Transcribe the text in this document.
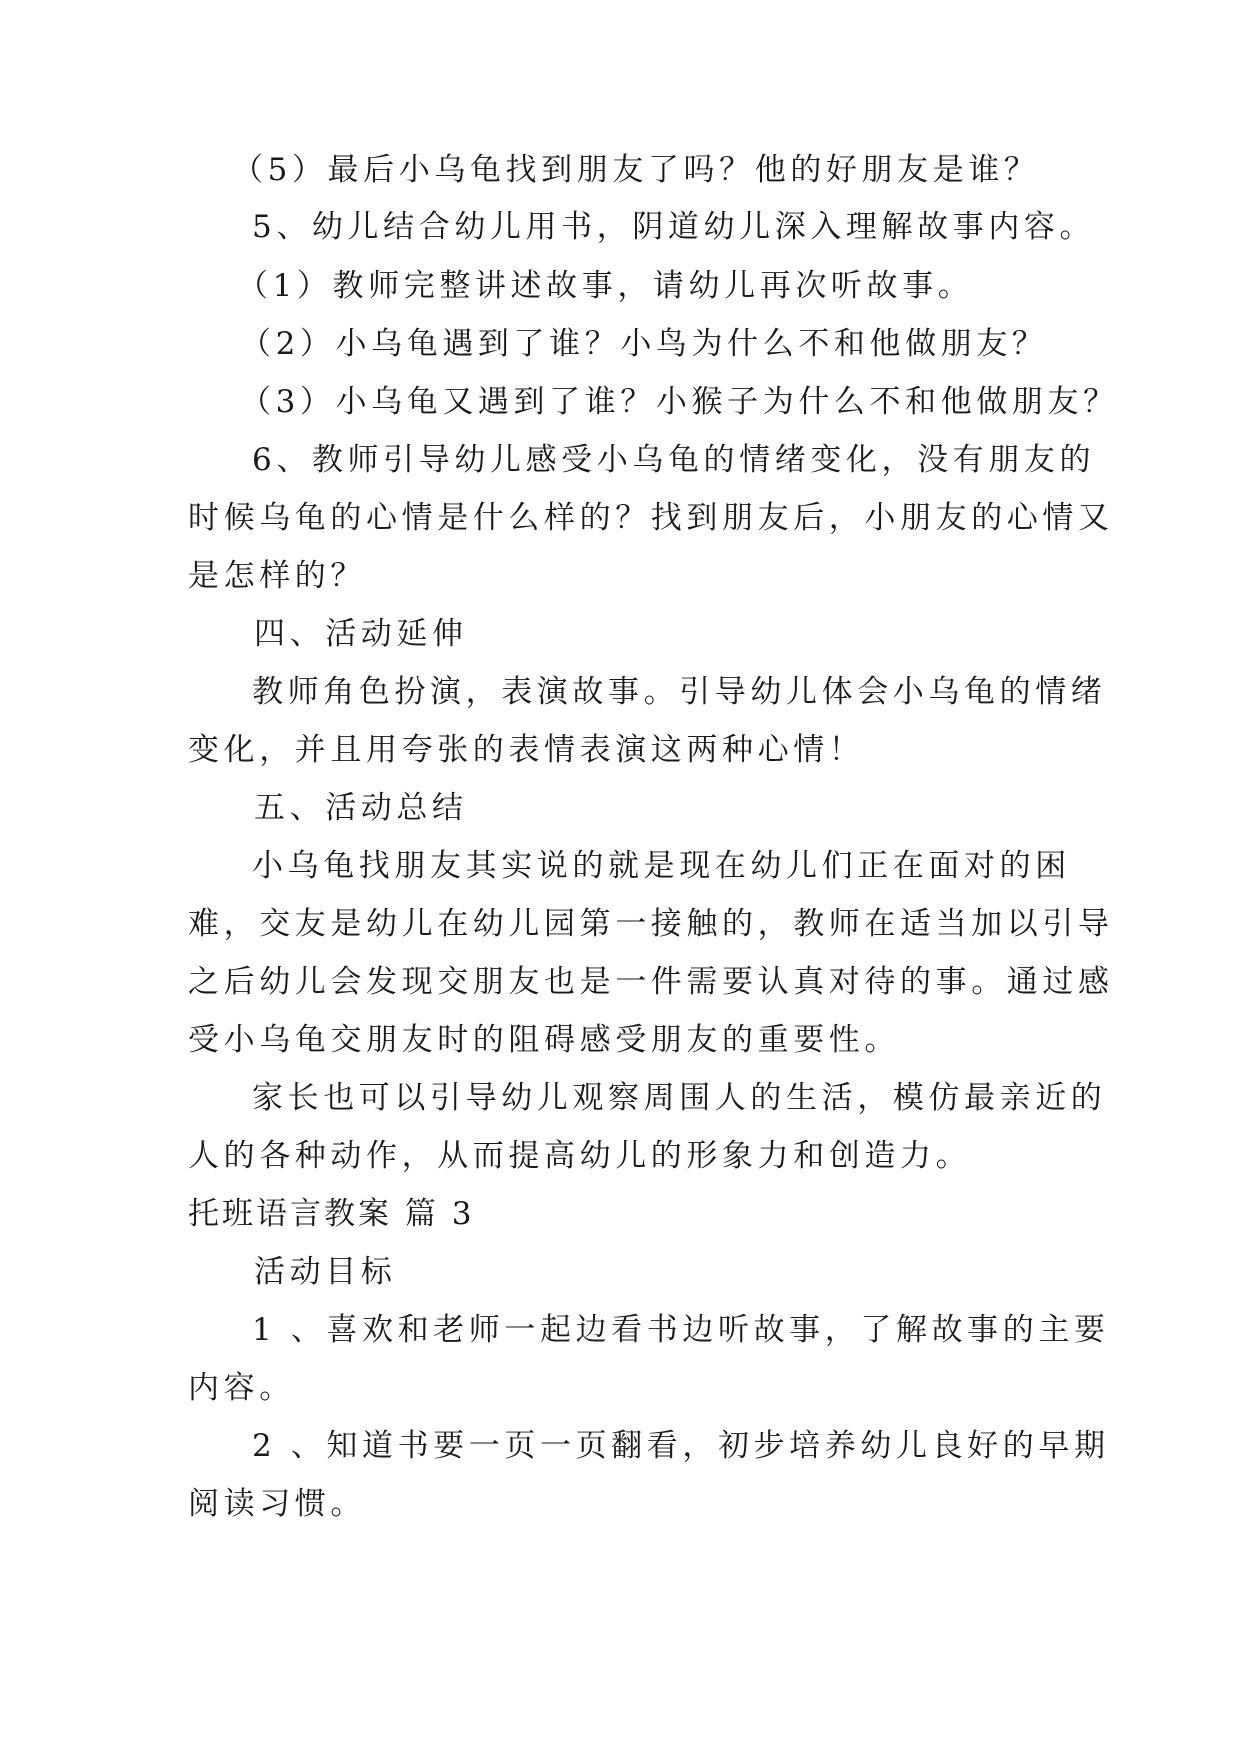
（5）最后小乌龟找到朋友了吗？他的好朋友是谁？
5、幼儿结合幼儿用书，阴道幼儿深入理解故事内容。
（1）教师完整讲述故事，请幼儿再次听故事。
（2）小乌龟遇到了谁？小鸟为什么不和他做朋友？
（3）小乌龟又遇到了谁？小猴子为什么不和他做朋友？
6、教师引导幼儿感受小乌龟的情绪变化，没有朋友的
时候乌龟的心情是什么样的？找到朋友后，小朋友的心情又
是怎样的？
四、活动延伸
教师角色扮演，表演故事。引导幼儿体会小乌龟的情绪
变化，并且用夸张的表情表演这两种心情！
五、活动总结
小乌龟找朋友其实说的就是现在幼儿们正在面对的困
难，交友是幼儿在幼儿园第一接触的，教师在适当加以引导
之后幼儿会发现交朋友也是一件需要认真对待的事。通过感
受小乌龟交朋友时的阻碍感受朋友的重要性。
家长也可以引导幼儿观察周围人的生活，模仿最亲近的
人的各种动作，从而提高幼儿的形象力和创造力。
托班语言教案 篇 3
活动目标
1 、喜欢和老师一起边看书边听故事，了解故事的主要
内容。
2 、知道书要一页一页翻看，初步培养幼儿良好的早期
阅读习惯。
